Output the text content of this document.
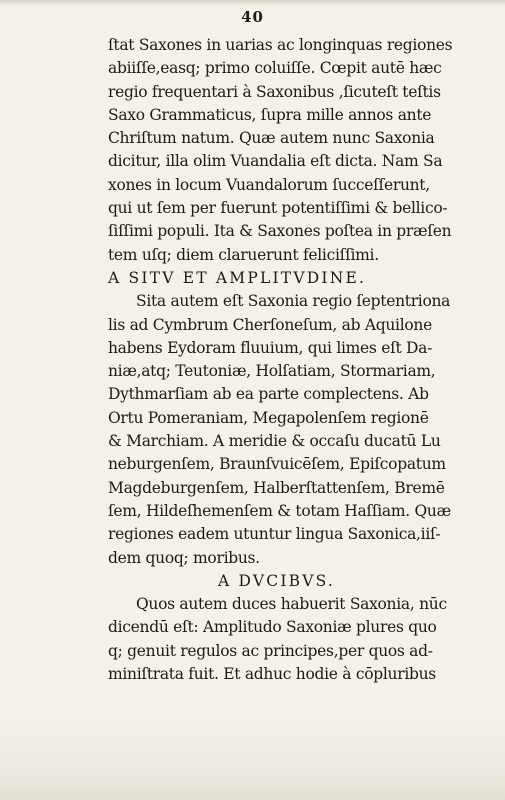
40
ſtat Saxones in uarias ac longinquas regiones
abiiſſe,easq; primo coluiſſe. Cœpit autē hæc
regio frequentari à Saxonibus ,ſicuteſt teſtis
Saxo Grammaticus, ſupra mille annos ante
Chriſtum natum. Quæ autem nunc Saxonia
dicitur, illa olim Vuandalia eſt dicta. Nam Sa
xones in locum Vuandalorum ſucceſſerunt,
qui ut ſem per fuerunt potentiſſimi & bellico-
ſiſſimi populi. Ita & Saxones poſtea in præſen
tem uſq; diem claruerunt feliciſſimi.
A SITV ET AMPLITVDINE.
Sita autem eſt Saxonia regio ſeptentriona
lis ad Cymbrum Cherſoneſum, ab Aquilone
habens Eydoram fluuium, qui limes eſt Da-
niæ,atq; Teutoniæ, Holſatiam, Stormariam,
Dythmarſiam ab ea parte complectens. Ab
Ortu Pomeraniam, Megapolenſem regionē
& Marchiam. A meridie & occaſu ducatū Lu
neburgenſem, Braunſvuicēſem, Epiſcopatum
Magdeburgenſem, Halberſtattenſem, Bremē
ſem, Hildeſhemenſem & totam Haſſiam. Quæ
regiones eadem utuntur lingua Saxonica,iiſ-
dem quoq; moribus.
A DVCIBVS.
Quos autem duces habuerit Saxonia, nūc
dicendū eſt: Amplitudo Saxoniæ plures quo
q; genuit regulos ac principes,per quos ad-
miniſtrata fuit. Et adhuc hodie à cōpluribus
